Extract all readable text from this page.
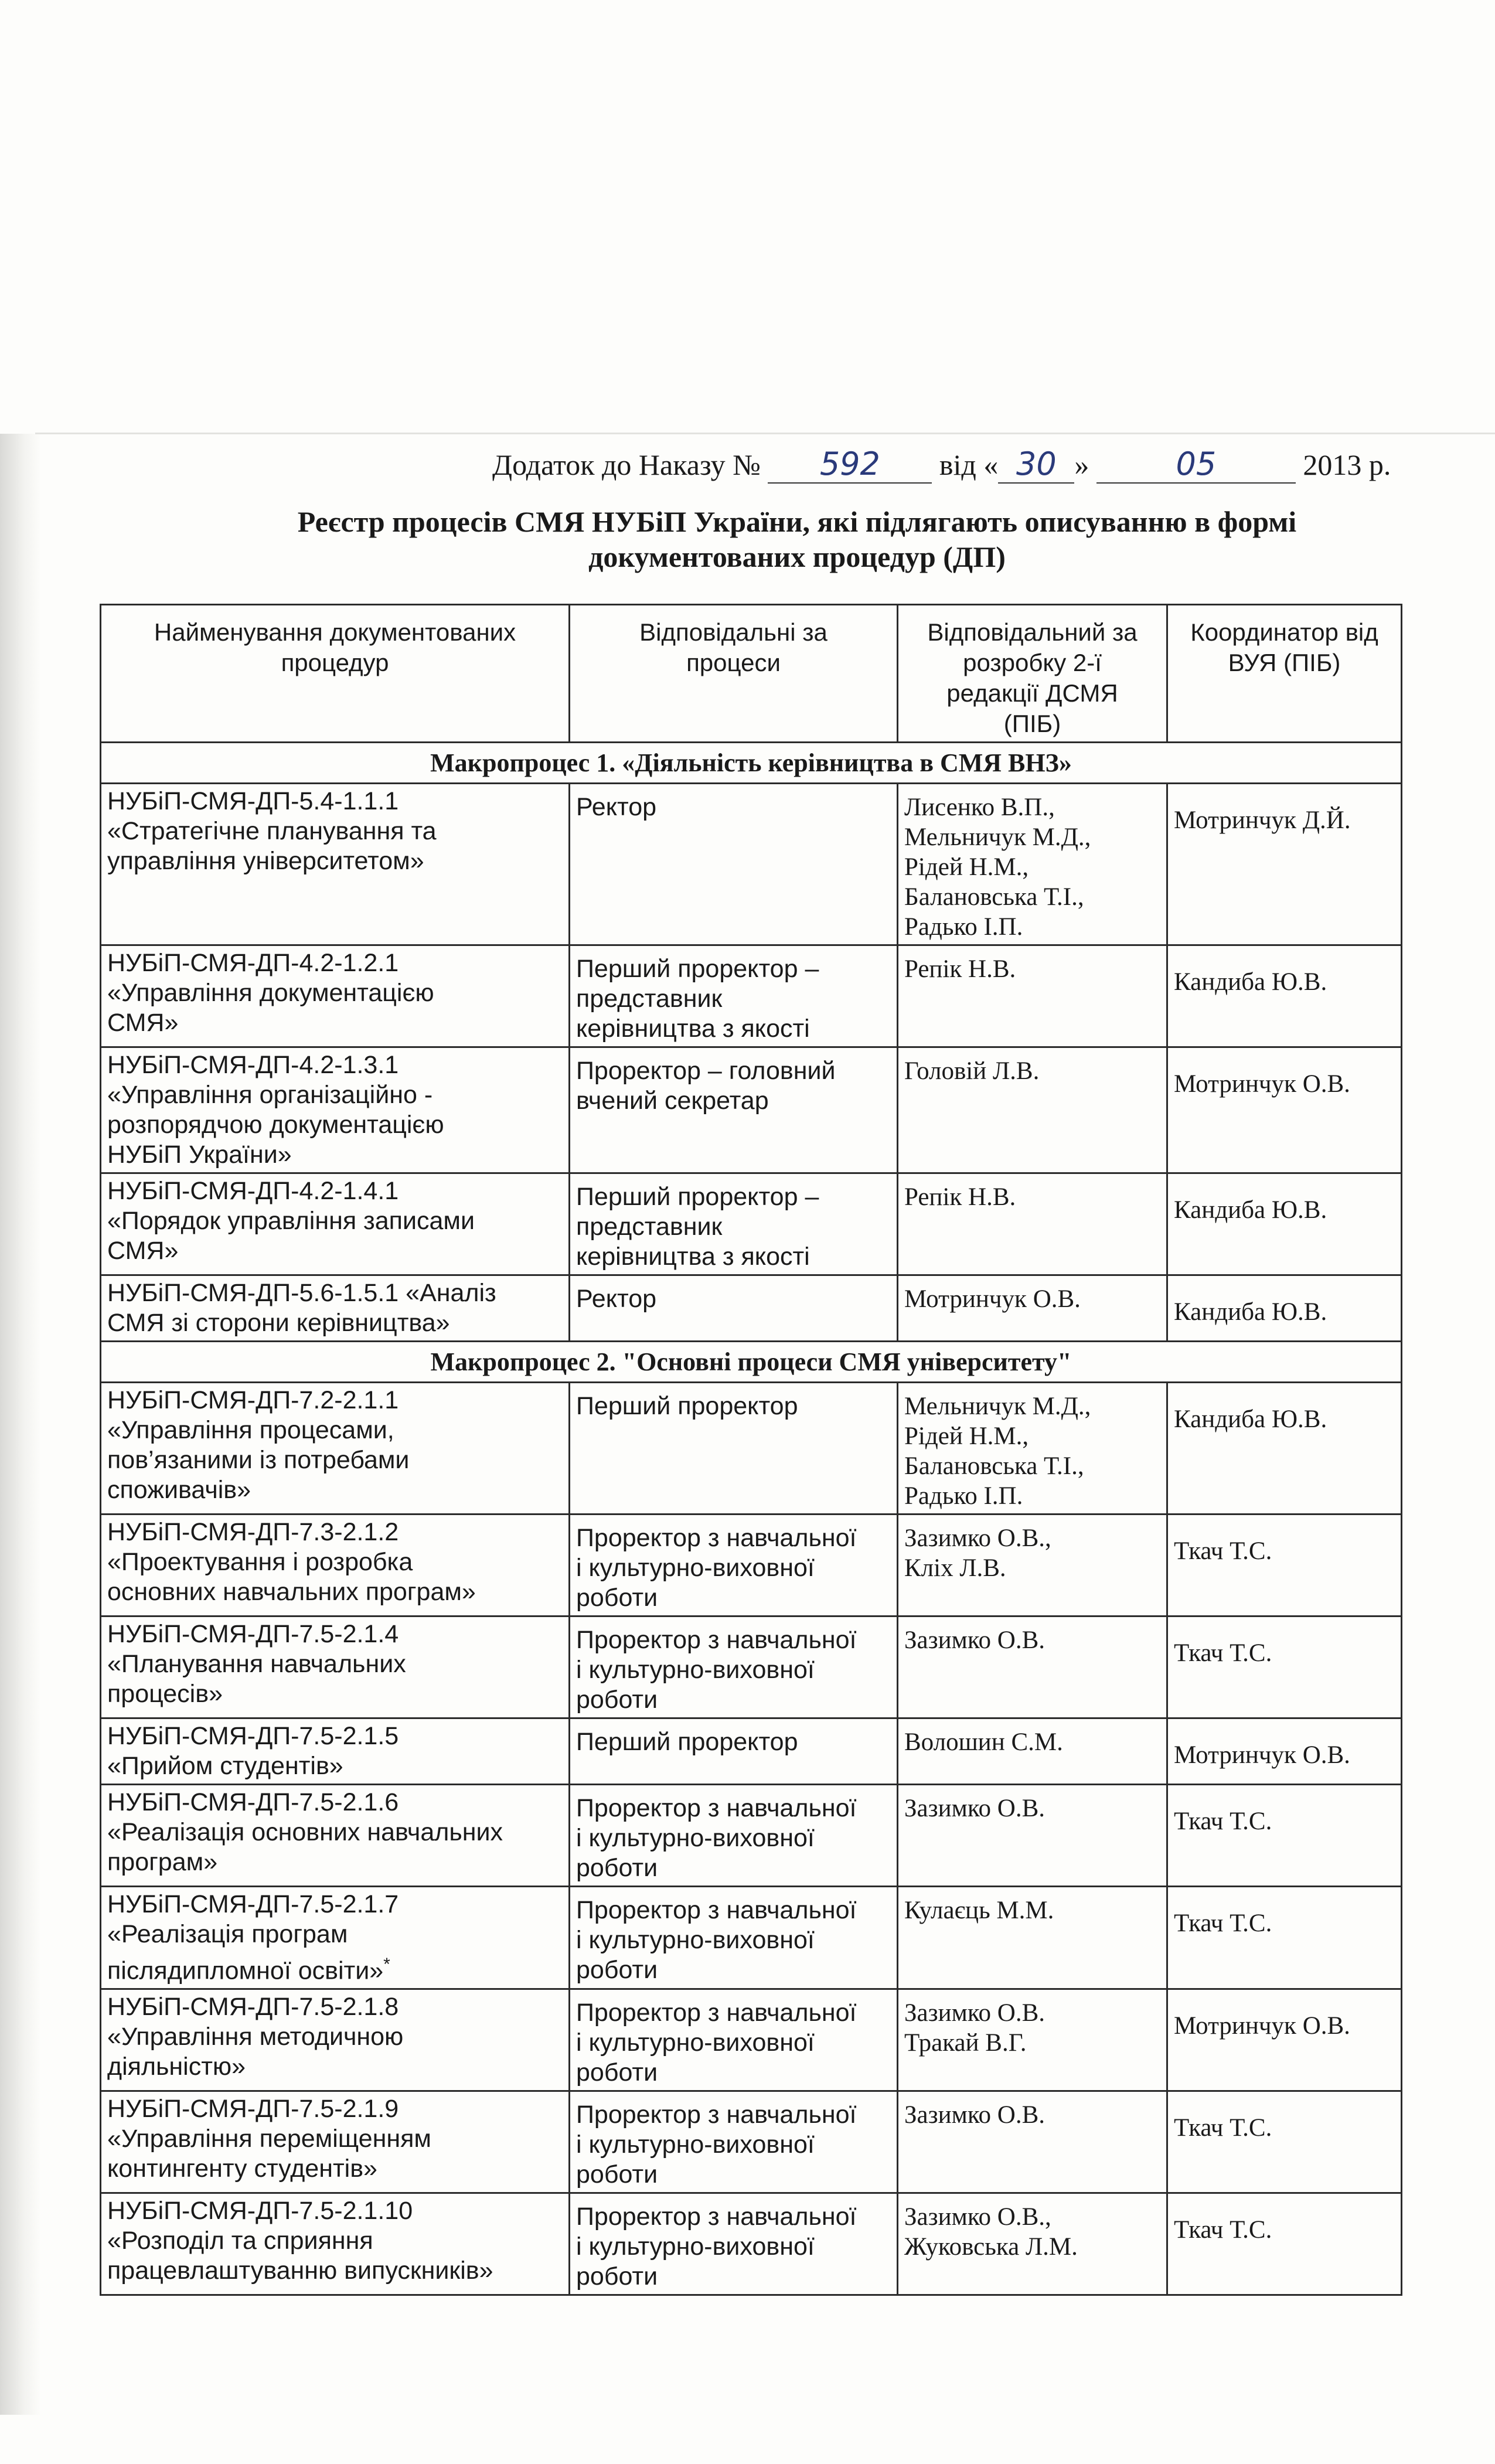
Додаток до Наказу № 592 від « 30 »	05	2013 р.
Реєстр процесів СМЯ НУБіП України, які підлягають описуванню в формі
документованих процедур (ДП)
Найменування документованих
процедур	Відповідальні за
процеси	Відповідальний за
розробку 2-ї
редакції ДСМЯ
(ПІБ)	Координатор від
ВУЯ (ПІБ)

Макропроцес 1. «Діяльність керівництва в СМЯ ВНЗ»			

НУБіП-СМЯ-ДП-5.4-1.1.1
«Стратегічне планування та
управління університетом»	Ректор	Лисенко В.П.,
Мельничук М.Д.,
Рідей Н.М.,
Балановська Т.І.,
Радько І.П.	Мотринчук Д.Й.

НУБіП-СМЯ-ДП-4.2-1.2.1
«Управління документацією
СМЯ»	Перший проректор –
представник
керівництва з якості	Репік Н.В.	Кандиба Ю.В.

НУБіП-СМЯ-ДП-4.2-1.3.1
«Управління організаційно -
розпорядчою документацією
НУБіП України»	Проректор – головний
вчений секретар	Головій Л.В.	Мотринчук О.В.

НУБіП-СМЯ-ДП-4.2-1.4.1
«Порядок управління записами
СМЯ»	Перший проректор –
представник
керівництва з якості	Репік Н.В.	Кандиба Ю.В.

НУБіП-СМЯ-ДП-5.6-1.5.1 «Аналіз
СМЯ зі сторони керівництва»	Ректор	Мотринчук О.В.	Кандиба Ю.В.

Макропроцес 2. "Основні процеси СМЯ університету"			

НУБіП-СМЯ-ДП-7.2-2.1.1
«Управління процесами,
пов’язаними із потребами
споживачів»	Перший проректор	Мельничук М.Д.,
Рідей Н.М.,
Балановська Т.І.,
Радько І.П.	Кандиба Ю.В.

НУБіП-СМЯ-ДП-7.3-2.1.2
«Проектування і розробка
основних навчальних програм»	Проректор з навчальної
і культурно-виховної
роботи	Зазимко О.В.,
Кліх Л.В.	Ткач Т.С.

НУБіП-СМЯ-ДП-7.5-2.1.4
«Планування навчальних
процесів»	Проректор з навчальної
і культурно-виховної
роботи	Зазимко О.В.	Ткач Т.С.

НУБіП-СМЯ-ДП-7.5-2.1.5
«Прийом студентів»	Перший проректор	Волошин С.М.	Мотринчук О.В.

НУБіП-СМЯ-ДП-7.5-2.1.6
«Реалізація основних навчальних
програм»	Проректор з навчальної
і культурно-виховної
роботи	Зазимко О.В.	Ткач Т.С.

НУБіП-СМЯ-ДП-7.5-2.1.7
«Реалізація програм
післядипломної освіти»*	Проректор з навчальної
і культурно-виховної
роботи	Кулаєць М.М.	Ткач Т.С.

НУБіП-СМЯ-ДП-7.5-2.1.8
«Управління методичною
діяльністю»	Проректор з навчальної
і культурно-виховної
роботи	Зазимко О.В.
Тракай В.Г.	Мотринчук О.В.

НУБіП-СМЯ-ДП-7.5-2.1.9
«Управління переміщенням
контингенту студентів»	Проректор з навчальної
і культурно-виховної
роботи	Зазимко О.В.	Ткач Т.С.

НУБіП-СМЯ-ДП-7.5-2.1.10
«Розподіл та сприяння
працевлаштуванню випускників»	Проректор з навчальної
і культурно-виховної
роботи	Зазимко О.В.,
Жуковська Л.М.	Ткач Т.С.
